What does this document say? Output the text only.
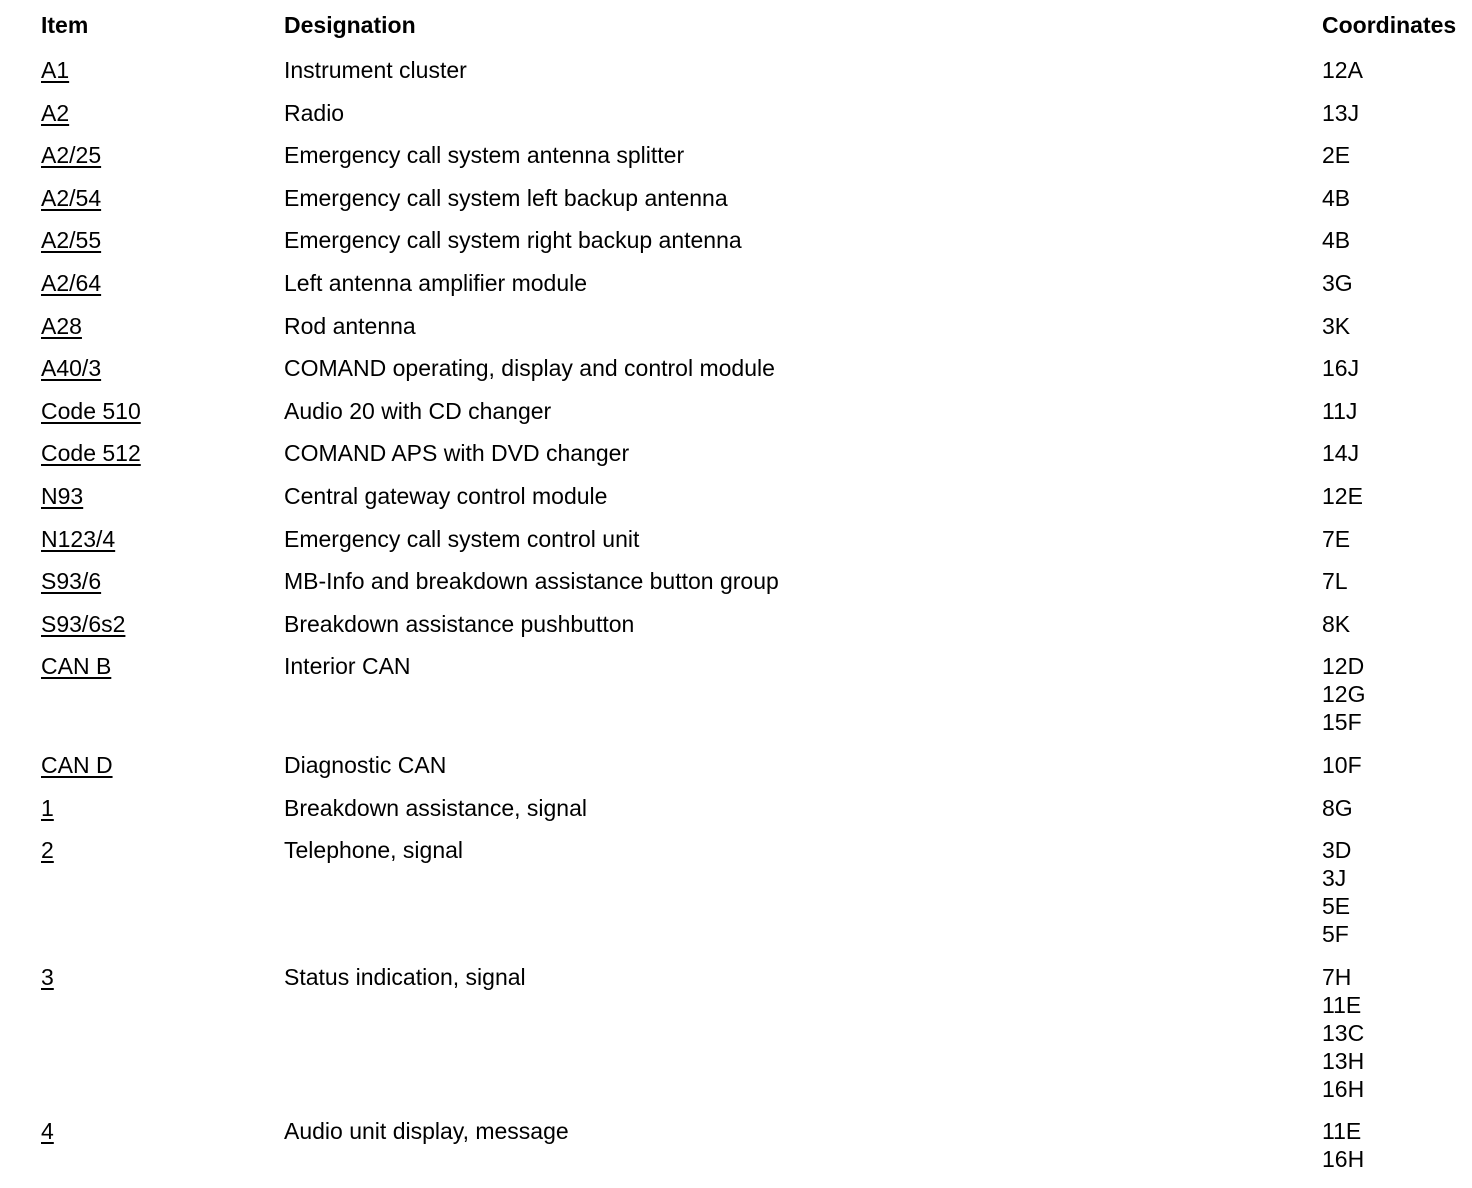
Item	Designation	Coordinates
A1	Instrument cluster	12A
A2	Radio	13J
A2/25	Emergency call system antenna splitter	2E
A2/54	Emergency call system left backup antenna	4B
A2/55	Emergency call system right backup antenna	4B
A2/64	Left antenna amplifier module	3G
A28	Rod antenna	3K
A40/3	COMAND operating, display and control module	16J
Code 510	Audio 20 with CD changer	11J
Code 512	COMAND APS with DVD changer	14J
N93	Central gateway control module	12E
N123/4	Emergency call system control unit	7E
S93/6	MB-Info and breakdown assistance button group	7L
S93/6s2	Breakdown assistance pushbutton	8K
CAN B	Interior CAN	12D
12G
15F
CAN D	Diagnostic CAN	10F
1	Breakdown assistance, signal	8G
2	Telephone, signal	3D
3J
5E
5F
3	Status indication, signal	7H
11E
13C
13H
16H
4	Audio unit display, message	11E
16H
